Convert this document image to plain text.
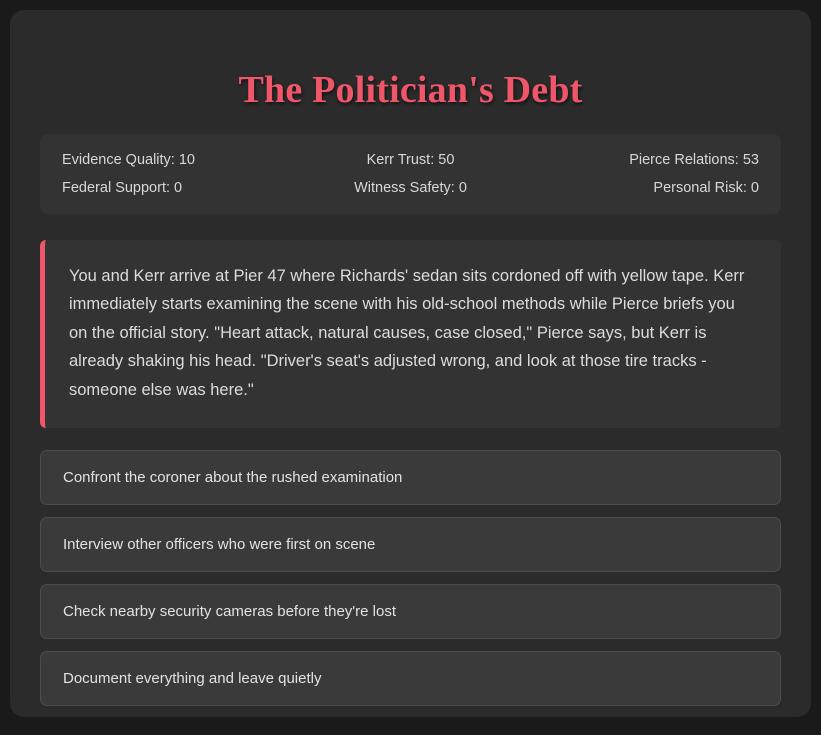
The Politician's Debt
Evidence Quality: 10	Kerr Trust: 50	Pierce Relations: 53
Federal Support: 0	Witness Safety: 0	Personal Risk: 0

You and Kerr arrive at Pier 47 where Richards' sedan sits cordoned off with yellow tape. Kerr immediately starts examining the scene with his old-school methods while Pierce briefs you on the official story. "Heart attack, natural causes, case closed," Pierce says, but Kerr is already shaking his head. "Driver's seat's adjusted wrong, and look at those tire tracks - someone else was here."

Confront the coroner about the rushed examination
Interview other officers who were first on scene
Check nearby security cameras before they're lost
Document everything and leave quietly
